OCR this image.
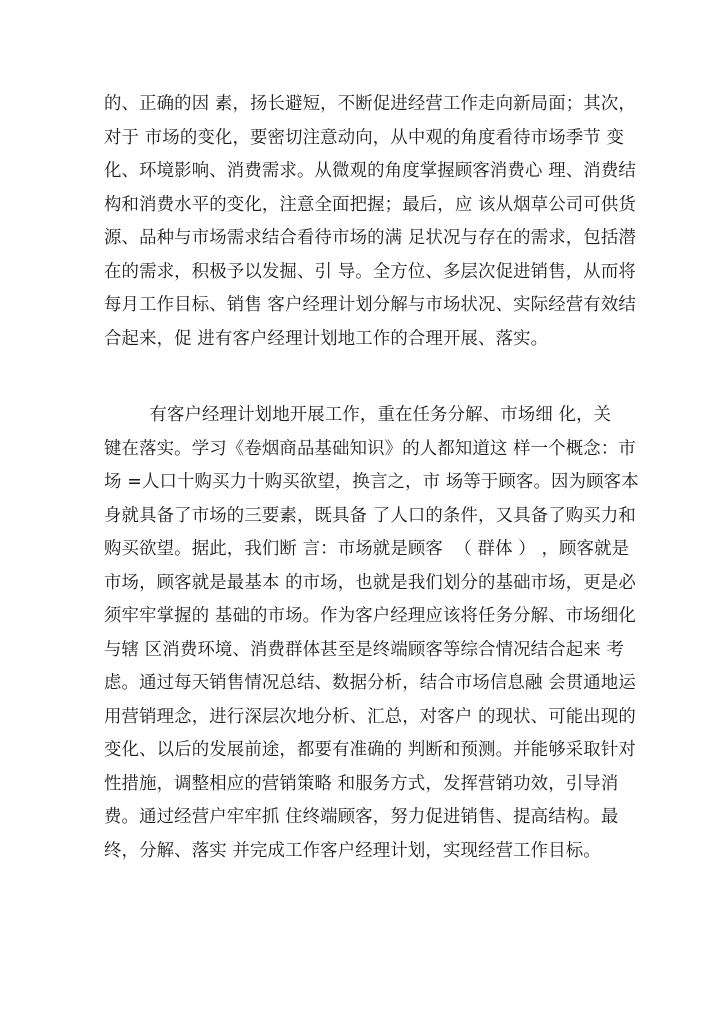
的、正确的因 素，扬长避短，不断促进经营工作走向新局面；其次，
对于 市场的变化，要密切注意动向，从中观的角度看待市场季节 变
化、环境影响、消费需求。从微观的角度掌握顾客消费心 理、消费结
构和消费水平的变化，注意全面把握；最后，应 该从烟草公司可供货
源、品种与市场需求结合看待市场的满 足状况与存在的需求，包括潜
在的需求，积极予以发掘、引 导。全方位、多层次促进销售，从而将
每月工作目标、销售 客户经理计划分解与市场状况、实际经营有效结
合起来，促 进有客户经理计划地工作的合理开展、落实。
有客户经理计划地开展工作，重在任务分解、市场细 化，关
键在落实。学习《卷烟商品基础知识》的人都知道这 样一个概念：市
场 =人口十购买力十购买欲望，换言之，市 场等于顾客。因为顾客本
身就具备了市场的三要素，既具备 了人口的条件，又具备了购买力和
购买欲望。据此，我们断 言：市场就是顾客  （ 群体 ） ，顾客就是
市场，顾客就是最基本 的市场，也就是我们划分的基础市场，更是必
须牢牢掌握的 基础的市场。作为客户经理应该将任务分解、市场细化
与辖 区消费环境、消费群体甚至是终端顾客等综合情况结合起来 考
虑。通过每天销售情况总结、数据分析，结合市场信息融 会贯通地运
用营销理念，进行深层次地分析、汇总，对客户 的现状、可能出现的
变化、以后的发展前途，都要有准确的 判断和预测。并能够采取针对
性措施，调整相应的营销策略 和服务方式，发挥营销功效，引导消
费。通过经营户牢牢抓 住终端顾客，努力促进销售、提高结构。最
终，分解、落实 并完成工作客户经理计划，实现经营工作目标。
